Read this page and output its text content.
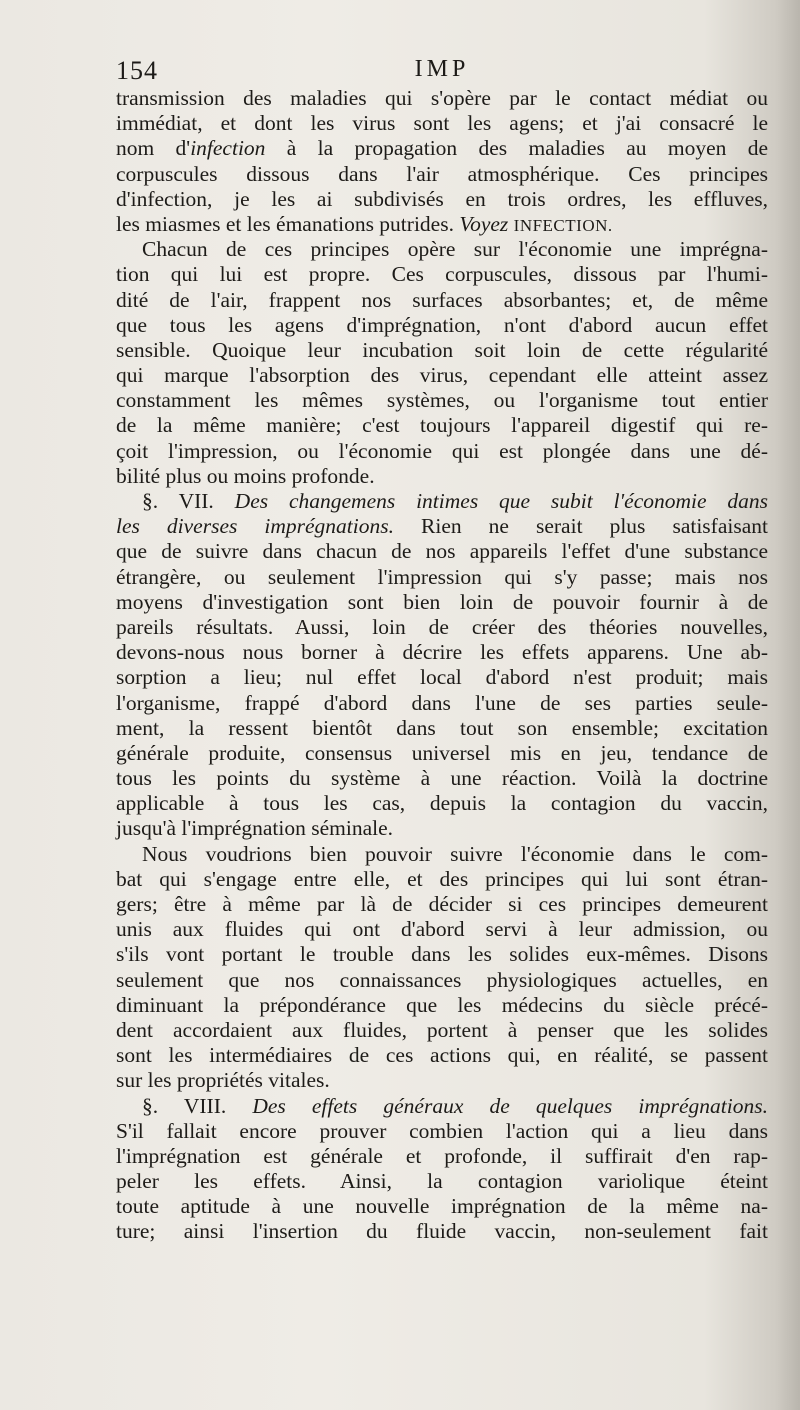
154	IMP
transmission des maladies qui s'opère par le contact médiat ou
immédiat, et dont les virus sont les agens; et j'ai consacré le
nom d'infection à la propagation des maladies au moyen de
corpuscules dissous dans l'air atmosphérique. Ces principes
d'infection, je les ai subdivisés en trois ordres, les effluves,
les miasmes et les émanations putrides. Voyez INFECTION.
Chacun de ces principes opère sur l'économie une imprégna-
tion qui lui est propre. Ces corpuscules, dissous par l'humi-
dité de l'air, frappent nos surfaces absorbantes; et, de même
que tous les agens d'imprégnation, n'ont d'abord aucun effet
sensible. Quoique leur incubation soit loin de cette régularité
qui marque l'absorption des virus, cependant elle atteint assez
constamment les mêmes systèmes, ou l'organisme tout entier
de la même manière; c'est toujours l'appareil digestif qui re-
çoit l'impression, ou l'économie qui est plongée dans une dé-
bilité plus ou moins profonde.
§. VII. Des changemens intimes que subit l'économie dans
les diverses imprégnations. Rien ne serait plus satisfaisant
que de suivre dans chacun de nos appareils l'effet d'une substance
étrangère, ou seulement l'impression qui s'y passe; mais nos
moyens d'investigation sont bien loin de pouvoir fournir à de
pareils résultats. Aussi, loin de créer des théories nouvelles,
devons-nous nous borner à décrire les effets apparens. Une ab-
sorption a lieu; nul effet local d'abord n'est produit; mais
l'organisme, frappé d'abord dans l'une de ses parties seule-
ment, la ressent bientôt dans tout son ensemble; excitation
générale produite, consensus universel mis en jeu, tendance de
tous les points du système à une réaction. Voilà la doctrine
applicable à tous les cas, depuis la contagion du vaccin,
jusqu'à l'imprégnation séminale.
Nous voudrions bien pouvoir suivre l'économie dans le com-
bat qui s'engage entre elle, et des principes qui lui sont étran-
gers; être à même par là de décider si ces principes demeurent
unis aux fluides qui ont d'abord servi à leur admission, ou
s'ils vont portant le trouble dans les solides eux-mêmes. Disons
seulement que nos connaissances physiologiques actuelles, en
diminuant la prépondérance que les médecins du siècle précé-
dent accordaient aux fluides, portent à penser que les solides
sont les intermédiaires de ces actions qui, en réalité, se passent
sur les propriétés vitales.
§. VIII. Des effets généraux de quelques imprégnations.
S'il fallait encore prouver combien l'action qui a lieu dans
l'imprégnation est générale et profonde, il suffirait d'en rap-
peler les effets. Ainsi, la contagion variolique éteint
toute aptitude à une nouvelle imprégnation de la même na-
ture; ainsi l'insertion du fluide vaccin, non-seulement fait
